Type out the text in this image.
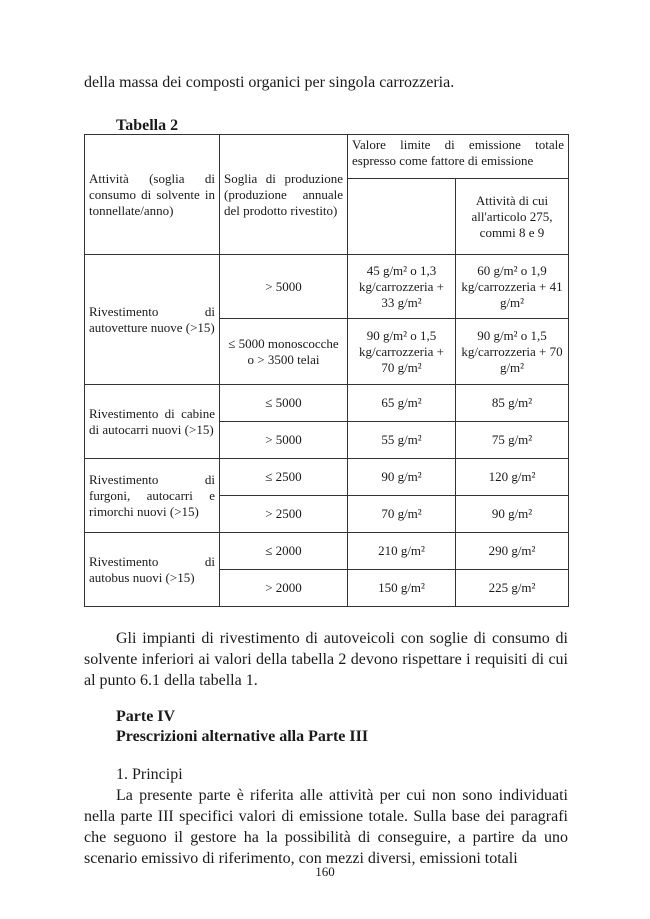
della massa dei composti organici per singola carrozzeria.
Tabella 2
Attività (soglia di consumo di solvente in tonnellate/anno)	Soglia di produzione (produzione annuale del prodotto rivestito)	Valore limite di emissione totale espresso come fattore di emissione	
			Attività di cui all'articolo 275, commi 8 e 9
Rivestimento di autovetture nuove (>15)	> 5000	45 g/m² o 1,3 kg/carrozzeria + 33 g/m²	60 g/m² o 1,9 kg/carrozzeria + 41 g/m²
	≤ 5000 monoscocche o > 3500 telai	90 g/m² o 1,5 kg/carrozzeria + 70 g/m²	90 g/m² o 1,5 kg/carrozzeria + 70 g/m²
Rivestimento di cabine di autocarri nuovi (>15)	≤ 5000	65 g/m²	85 g/m²
	> 5000	55 g/m²	75 g/m²
Rivestimento di furgoni, autocarri e rimorchi nuovi (>15)	≤ 2500	90 g/m²	120 g/m²
	> 2500	70 g/m²	90 g/m²
Rivestimento di autobus nuovi (>15)	≤ 2000	210 g/m²	290 g/m²
	> 2000	150 g/m²	225 g/m²
Gli impianti di rivestimento di autoveicoli con soglie di consumo di solvente inferiori ai valori della tabella 2 devono rispettare i requisiti di cui al punto 6.1 della tabella 1.
Parte IV
Prescrizioni alternative alla Parte III
1. Principi
La presente parte è riferita alle attività per cui non sono individuati nella parte III specifici valori di emissione totale. Sulla base dei paragrafi che seguono il gestore ha la possibilità di conseguire, a partire da uno scenario emissivo di riferimento, con mezzi diversi, emissioni totali
160
